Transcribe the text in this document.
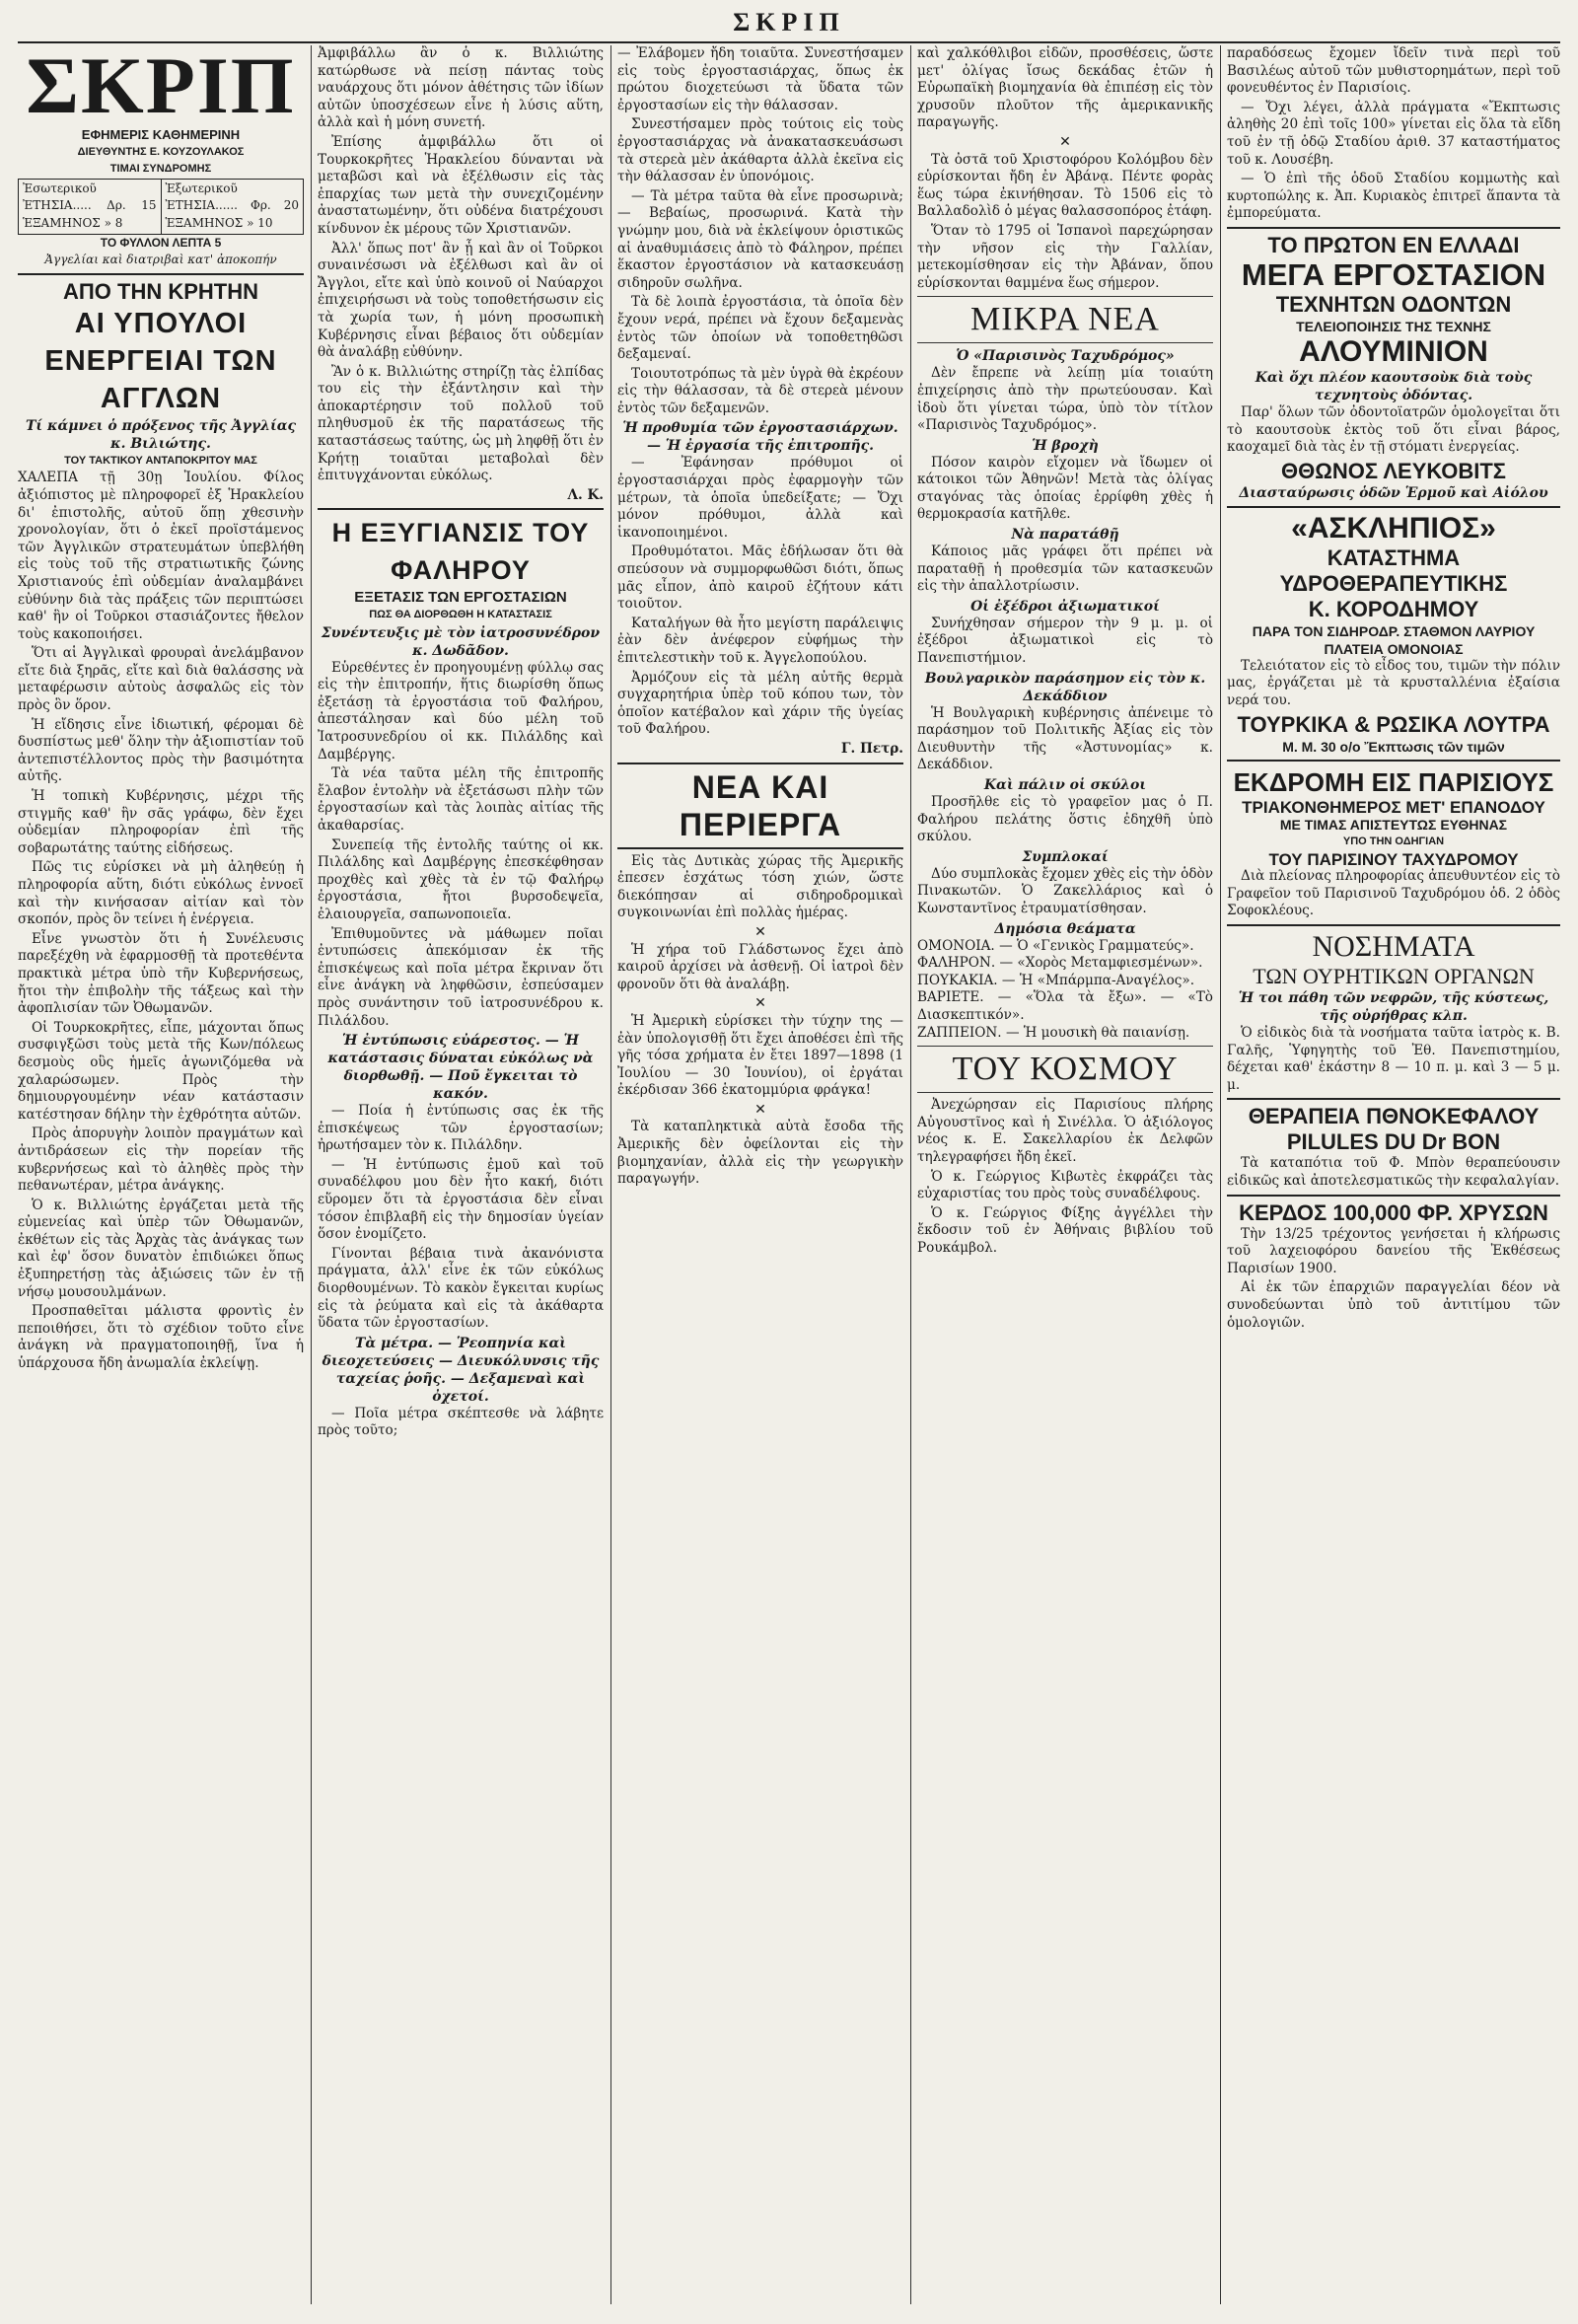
ΣΚΡΙΠ
ΣΚΡΙΠ
ΕΦΗΜΕΡΙΣ ΚΑΘΗΜΕΡΙΝΗ
ΔΙΕΥΘΥΝΤΗΣ Ε. ΚΟΥΖΟΥΛΑΚΟΣ
ΤΙΜΑΙ ΣΥΝΔΡΟΜΗΣ
Ἐσωτερικοῦ ἘΤΗΣΙΑ..... Δρ. 15 ἙΞΑΜΗΝΟΣ » 8
Ἐξωτερικοῦ ἘΤΗΣΙΑ...... Φρ. 20 ἙΞΑΜΗΝΟΣ » 10
ΤΟ ΦΥΛΛΟΝ ΛΕΠΤΑ 5
Ἀγγελίαι καὶ διατριβαὶ κατ' ἀποκοπήν
ΑΠΟ ΤΗΝ ΚΡΗΤΗΝ
ΑΙ ΥΠΟΥΛΟΙ ΕΝΕΡΓΕΙΑΙ ΤΩΝ ΑΓΓΛΩΝ
Τί κάμνει ὁ πρόξενος τῆς Ἀγγλίας κ. Βιλιώτης.
ΤΟΥ ΤΑΚΤΙΚΟΥ ΑΝΤΑΠΟΚΡΙΤΟΥ ΜΑΣ

ΧΑΛΕΠΑ τῇ 30ῃ Ἰουλίου. Φίλος ἀξιόπιστος μὲ πληροφορεῖ ἐξ Ἡρακλείου δι' ἐπιστολῆς, αὐτοῦ ὅπῃ χθεσινὴν χρονολογίαν, ὅτι ὁ ἐκεῖ προϊστάμενος τῶν Ἀγγλικῶν στρατευμάτων ὑπεβλήθη εἰς τοὺς τοῦ τῆς στρατιωτικῆς ζώνης Χριστιανούς ἐπὶ οὐδεμίαν ἀναλαμβάνει εὐθύνην διὰ τὰς πράξεις τῶν περιπτώσει καθ' ἣν οἱ Τοῦρκοι στασιάζοντες ἤθελον τοὺς κακοποιήσει.

Ὅτι αἱ Ἀγγλικαὶ φρουραὶ ἀνελάμβανον εἴτε διὰ ξηρᾶς, εἴτε καὶ διὰ θαλάσσης νὰ μεταφέρωσιν αὐτοὺς ἀσφαλῶς εἰς τὸν πρὸς ὃν ὅρον.

Ἡ εἴδησις εἶνε ἰδιωτική, φέρομαι δὲ δυσπίστως μεθ' ὅλην τὴν ἀξιοπιστίαν τοῦ ἀντεπιστέλλοντος πρὸς τὴν βασιμότητα αὐτῆς.

Ἡ τοπικὴ Κυβέρνησις, μέχρι τῆς στιγμῆς καθ' ἣν σᾶς γράφω, δὲν ἔχει οὐδεμίαν πληροφορίαν ἐπὶ τῆς σοβαρωτάτης ταύτης εἰδήσεως.

Πῶς τις εὑρίσκει νὰ μὴ ἀληθεύῃ ἡ πληροφορία αὕτη, διότι εὐκόλως ἐννοεῖ καὶ τὴν κινήσασαν αἰτίαν καὶ τὸν σκοπόν, πρὸς ὃν τείνει ἡ ἐνέργεια.

Εἶνε γνωστὸν ὅτι ἡ Συνέλευσις παρεξέχθη νὰ ἐφαρμοσθῇ τὰ προτεθέντα πρακτικὰ μέτρα ὑπὸ τῆν Κυβερνήσεως, ἤτοι τὴν ἐπιβολὴν τῆς τάξεως καὶ τὴν ἀφοπλισίαν τῶν Ὀθωμανῶν.

Οἱ Τουρκοκρῆτες, εἶπε, μάχονται ὅπως συσφιγξῶσι τοὺς μετὰ τῆς Κων/πόλεως δεσμοὺς οὓς ἡμεῖς ἀγωνιζόμεθα νὰ χαλαρώσωμεν. Πρὸς τὴν δημιουργουμένην νέαν κατάστασιν κατέστησαν δήλην τὴν ἐχθρότητα αὐτῶν.

Πρὸς ἀπορυγὴν λοιπὸν πραγμάτων καὶ ἀντιδράσεων εἰς τὴν πορείαν τῆς κυβερνήσεως καὶ τὸ ἀληθὲς πρὸς τὴν πεθανωτέραν, μέτρα ἀνάγκης.

Ὁ κ. Βιλλιώτης ἐργάζεται μετὰ τῆς εὐμενείας καὶ ὑπὲρ τῶν Ὀθωμανῶν, ἐκθέτων εἰς τὰς Ἀρχὰς τὰς ἀνάγκας των καὶ ἐφ' ὅσον δυνατὸν ἐπιδιώκει ὅπως ἐξυπηρετήσῃ τὰς ἀξιώσεις τῶν ἐν τῇ νήσῳ μουσουλμάνων.

Προσπαθεῖται μάλιστα φροντὶς ἐν πεποιθήσει, ὅτι τὸ σχέδιον τοῦτο εἶνε ἀνάγκη νὰ πραγματοποιηθῇ, ἵνα ἡ ὑπάρχουσα ἤδη ἀνωμαλία ἐκλείψῃ.

Ἀμφιβάλλω ἂν ὁ κ. Βιλλιώτης κατώρθωσε νὰ πείσῃ πάντας τοὺς ναυάρχους ὅτι μόνον ἀθέτησις τῶν ἰδίων αὐτῶν ὑποσχέσεων εἶνε ἡ λύσις αὕτη, ἀλλὰ καὶ ἡ μόνη συνετή.

Ἐπίσης ἀμφιβάλλω ὅτι οἱ Τουρκοκρῆτες Ἡρακλείου δύνανται νὰ μεταβῶσι καὶ νὰ ἐξέλθωσιν εἰς τὰς ἐπαρχίας των μετὰ τὴν συνεχιζομένην ἀναστατωμένην, ὅτι οὐδένα διατρέχουσι κίνδυνον ἐκ μέρους τῶν Χριστιανῶν.

Ἀλλ' ὅπως ποτ' ἂν ᾖ καὶ ἂν οἱ Τοῦρκοι συναινέσωσι νὰ ἐξέλθωσι καὶ ἂν οἱ Ἄγγλοι, εἴτε καὶ ὑπὸ κοινοῦ οἱ Ναύαρχοι ἐπιχειρήσωσι νὰ τοὺς τοποθετήσωσιν εἰς τὰ χωρία των, ἡ μόνη προσωπικὴ Κυβέρνησις εἶναι βέβαιος ὅτι οὐδεμίαν θὰ ἀναλάβῃ εὐθύνην.

Ἂν ὁ κ. Βιλλιώτης στηρίζῃ τὰς ἐλπίδας του εἰς τὴν ἐξάντλησιν καὶ τὴν ἀποκαρτέρησιν τοῦ πολλοῦ τοῦ πληθυσμοῦ ἐκ τῆς παρατάσεως τῆς καταστάσεως ταύτης, ὡς μὴ ληφθῇ ὅτι ἐν Κρήτῃ τοιαῦται μεταβολαὶ δὲν ἐπιτυγχάνονται εὐκόλως.

Λ. Κ.
Η ΕΞΥΓΙΑΝΣΙΣ ΤΟΥ ΦΑΛΗΡΟΥ
ΕΞΕΤΑΣΙΣ ΤΩΝ ΕΡΓΟΣΤΑΣΙΩΝ
ΠΩΣ ΘΑ ΔΙΟΡΘΩΘΗ Η ΚΑΤΑΣΤΑΣΙΣ
Συνέντευξις μὲ τὸν ἰατροσυνέδρον κ. Δωδᾶδον.

Εὑρεθέντες ἐν προηγουμένῃ φύλλῳ σας εἰς τὴν ἐπιτροπήν, ἥτις διωρίσθη ὅπως ἐξετάσῃ τὰ ἐργοστάσια τοῦ Φαλήρου, ἀπεστάλησαν καὶ δύο μέλη τοῦ Ἰατροσυνεδρίου οἱ κκ. Πιλάλδης καὶ Δαμβέργης.

Τὰ νέα ταῦτα μέλη τῆς ἐπιτροπῆς ἔλαβον ἐντολὴν νὰ ἐξετάσωσι πλὴν τῶν ἐργοστασίων καὶ τὰς λοιπὰς αἰτίας τῆς ἀκαθαρσίας.

Συνεπείᾳ τῆς ἐντολῆς ταύτης οἱ κκ. Πιλάλδης καὶ Δαμβέργης ἐπεσκέφθησαν προχθὲς καὶ χθὲς τὰ ἐν τῷ Φαλήρῳ ἐργοστάσια, ἤτοι βυρσοδεψεῖα, ἐλαιουργεῖα, σαπωνοποιεῖα.

Ἐπιθυμοῦντες νὰ μάθωμεν ποῖαι ἐντυπώσεις ἀπεκόμισαν ἐκ τῆς ἐπισκέψεως καὶ ποῖα μέτρα ἔκριναν ὅτι εἶνε ἀνάγκη νὰ ληφθῶσιν, ἐσπεύσαμεν πρὸς συνάντησιν τοῦ ἰατροσυνέδρου κ. Πιλάλδου.

Ἡ ἐντύπωσις εὐάρεστος. — Ἡ κατάστασις δύναται εὐκόλως νὰ διορθωθῇ. — Ποῦ ἔγκειται τὸ κακόν.

— Ποία ἡ ἐντύπωσις σας ἐκ τῆς ἐπισκέψεως τῶν ἐργοστασίων; ἠρωτήσαμεν τὸν κ. Πιλάλδην.

— Ἡ ἐντύπωσις ἐμοῦ καὶ τοῦ συναδέλφου μου δὲν ἦτο κακή, διότι εὕρομεν ὅτι τὰ ἐργοστάσια δὲν εἶναι τόσον ἐπιβλαβῆ εἰς τὴν δημοσίαν ὑγείαν ὅσον ἐνομίζετο.

Γίνονται βέβαια τινὰ ἀκανόνιστα πράγματα, ἀλλ' εἶνε ἐκ τῶν εὐκόλως διορθουμένων. Τὸ κακὸν ἔγκειται κυρίως εἰς τὰ ῥεύματα καὶ εἰς τὰ ἀκάθαρτα ὕδατα τῶν ἐργοστασίων.

Τὰ μέτρα. — Ῥεοπηνία καὶ διεοχετεύσεις — Διευκόλυνσις τῆς ταχείας ῥοῆς. — Δεξαμεναὶ καὶ ὀχετοί.

— Ποῖα μέτρα σκέπτεσθε νὰ λάβητε πρὸς τοῦτο;

— Ἐλάβομεν ἤδη τοιαῦτα. Συνεστήσαμεν εἰς τοὺς ἐργοστασιάρχας, ὅπως ἐκ πρώτου διοχετεύωσι τὰ ὕδατα τῶν ἐργοστασίων εἰς τὴν θάλασσαν.

Συνεστήσαμεν πρὸς τούτοις εἰς τοὺς ἐργοστασιάρχας νὰ ἀνακατασκευάσωσι τὰ στερεὰ μὲν ἀκάθαρτα ἀλλὰ ἐκεῖνα εἰς τὴν θάλασσαν ἐν ὑπονόμοις.

— Τὰ μέτρα ταῦτα θὰ εἶνε προσωρινὰ; — Βεβαίως, προσωρινά. Κατὰ τὴν γνώμην μου, διὰ νὰ ἐκλείψουν ὁριστικῶς αἱ ἀναθυμιάσεις ἀπὸ τὸ Φάληρον, πρέπει ἕκαστον ἐργοστάσιον νὰ κατασκευάσῃ σιδηροῦν σωλῆνα.

Τὰ δὲ λοιπὰ ἐργοστάσια, τὰ ὁποῖα δὲν ἔχουν νερά, πρέπει νὰ ἔχουν δεξαμενὰς ἐντὸς τῶν ὁποίων νὰ τοποθετηθῶσι δεξαμεναί.

Τοιουτοτρόπως τὰ μὲν ὑγρὰ θὰ ἐκρέουν εἰς τὴν θάλασσαν, τὰ δὲ στερεὰ μένουν ἐντὸς τῶν δεξαμενῶν.

Ἡ προθυμία τῶν ἐργοστασιάρχων. — Ἡ ἐργασία τῆς ἐπιτροπῆς.

— Ἐφάνησαν πρόθυμοι οἱ ἐργοστασιάρχαι πρὸς ἐφαρμογὴν τῶν μέτρων, τὰ ὁποῖα ὑπεδείξατε; — Ὄχι μόνον πρόθυμοι, ἀλλὰ καὶ ἱκανοποιημένοι.

Προθυμότατοι. Μᾶς ἐδήλωσαν ὅτι θὰ σπεύσουν νὰ συμμορφωθῶσι διότι, ὅπως μᾶς εἶπον, ἀπὸ καιροῦ ἐζήτουν κάτι τοιοῦτον.

Καταλήγων θὰ ἦτο μεγίστη παράλειψις ἐὰν δὲν ἀνέφερον εὐφήμως τὴν ἐπιτελεστικὴν τοῦ κ. Ἀγγελοπούλου.

Ἀρμόζουν εἰς τὰ μέλη αὐτῆς θερμὰ συγχαρητήρια ὑπὲρ τοῦ κόπου των, τὸν ὁποῖον κατέβαλον καὶ χάριν τῆς ὑγείας τοῦ Φαλήρου.

Γ. Πετρ.
ΝΕΑ ΚΑΙ ΠΕΡΙΕΡΓΑ

Εἰς τὰς Δυτικὰς χώρας τῆς Ἀμερικῆς ἐπεσεν ἐσχάτως τόση χιών, ὥστε διεκόπησαν αἱ σιδηροδρομικαὶ συγκοινωνίαι ἐπὶ πολλὰς ἡμέρας.

✕

Ἡ χήρα τοῦ Γλάδστωνος ἔχει ἀπὸ καιροῦ ἀρχίσει νὰ ἀσθενῇ. Οἱ ἰατροὶ δὲν φρονοῦν ὅτι θὰ ἀναλάβῃ.

✕

Ἡ Ἀμερικὴ εὑρίσκει τὴν τύχην της — ἐὰν ὑπολογισθῇ ὅτι ἔχει ἀποθέσει ἐπὶ τῆς γῆς τόσα χρήματα ἐν ἔτει 1897—1898 (1 Ἰουλίου — 30 Ἰουνίου), οἱ ἐργάται ἐκέρδισαν 366 ἑκατομμύρια φράγκα!

✕

Τὰ καταπληκτικὰ αὐτὰ ἔσοδα τῆς Ἀμερικῆς δὲν ὀφείλονται εἰς τὴν βιομηχανίαν, ἀλλὰ εἰς τὴν γεωργικὴν παραγωγήν.

καὶ χαλκόθλιβοι εἰδῶν, προσθέσεις, ὥστε μετ' ὀλίγας ἴσως δεκάδας ἐτῶν ἡ Εὐρωπαϊκὴ βιομηχανία θὰ ἐπιπέσῃ εἰς τὸν χρυσοῦν πλοῦτον τῆς ἀμερικανικῆς παραγωγῆς.

✕

Τὰ ὀστᾶ τοῦ Χριστοφόρου Κολόμβου δὲν εὑρίσκονται ἤδη ἐν Ἀβάνᾳ. Πέντε φορὰς ἕως τώρα ἐκινήθησαν. Τὸ 1506 εἰς τὸ Βαλλαδολὶδ ὁ μέγας θαλασσοπόρος ἐτάφη.

Ὅταν τὸ 1795 οἱ Ἱσπανοὶ παρεχώρησαν τὴν νῆσον εἰς τὴν Γαλλίαν, μετεκομίσθησαν εἰς τὴν Ἀβάναν, ὅπου εὑρίσκονται θαμμένα ἕως σήμερον.

ΜΙΚΡΑ ΝΕΑ
Ὁ «Παρισινὸς Ταχυδρόμος»

Δὲν ἔπρεπε νὰ λείπῃ μία τοιαύτη ἐπιχείρησις ἀπὸ τὴν πρωτεύουσαν. Καὶ ἰδοὺ ὅτι γίνεται τώρα, ὑπὸ τὸν τίτλον «Παρισινὸς Ταχυδρόμος».

Ἡ βροχὴ

Πόσον καιρὸν εἴχομεν νὰ ἴδωμεν οἱ κάτοικοι τῶν Ἀθηνῶν! Μετὰ τὰς ὀλίγας σταγόνας τὰς ὁποίας ἐρρίφθη χθὲς ἡ θερμοκρασία κατῆλθε.

Νὰ παρατάθῇ

Κάποιος μᾶς γράφει ὅτι πρέπει νὰ παραταθῇ ἡ προθεσμία τῶν κατασκευῶν εἰς τὴν ἀπαλλοτρίωσιν.

Οἱ ἐξέδροι ἀξιωματικοί

Συνήχθησαν σήμερον τὴν 9 μ. μ. οἱ ἐξέδροι ἀξιωματικοὶ εἰς τὸ Πανεπιστήμιον.

Βουλγαρικὸν παράσημον εἰς τὸν κ. Δεκάδδιον

Ἡ Βουλγαρικὴ κυβέρνησις ἀπένειμε τὸ παράσημον τοῦ Πολιτικῆς Ἀξίας εἰς τὸν Διευθυντὴν τῆς «Ἀστυνομίας» κ. Δεκάδδιον.

Καὶ πάλιν οἱ σκύλοι

Προσῆλθε εἰς τὸ γραφεῖον μας ὁ Π. Φαλήρου πελάτης ὅστις ἐδηχθῆ ὑπὸ σκύλου.

Συμπλοκαί

Δύο συμπλοκὰς ἔχομεν χθὲς εἰς τὴν ὁδὸν Πινακωτῶν. Ὁ Ζακελλάριος καὶ ὁ Κωνσταντῖνος ἐτραυματίσθησαν.

Δημόσια θεάματα
ΟΜΟΝΟΙΑ. — Ὁ «Γενικὸς Γραμματεύς».
ΦΑΛΗΡΟΝ. — «Χορὸς Μεταμφιεσμένων».
ΠΟΥΚΑΚΙΑ. — Ἡ «Μπάρμπα-Αναγέλος».
ΒΑΡΙΕΤΕ. — «Ὅλα τὰ ἔξω». — «Τὸ Διασκεπτικόν».
ΖΑΠΠΕΙΟΝ. — Ἡ μουσικὴ θὰ παιανίσῃ.
ΤΟΥ ΚΟΣΜΟΥ

Ἀνεχώρησαν εἰς Παρισίους πλήρης Αὐγουστῖνος καὶ ἡ Σινέλλα. Ὁ ἀξιόλογος νέος κ. Ε. Σακελλαρίου ἐκ Δελφῶν τηλεγραφήσει ἤδη ἐκεῖ.

Ὁ κ. Γεώργιος Κιβωτὲς ἐκφράζει τὰς εὐχαριστίας του πρὸς τοὺς συναδέλφους.

Ὁ κ. Γεώργιος Φίξης ἀγγέλλει τὴν ἔκδοσιν τοῦ ἐν Ἀθήναις βιβλίου τοῦ Ρουκάμβολ.

παραδόσεως ἔχομεν ἴδεῖν τινὰ περὶ τοῦ Βασιλέως αὐτοῦ τῶν μυθιστορημάτων, περὶ τοῦ φονευθέντος ἐν Παρισίοις.

— Ὄχι λέγει, ἀλλὰ πράγματα «Ἔκπτωσις ἀληθὴς 20 ἐπὶ τοῖς 100» γίνεται εἰς ὅλα τὰ εἴδη τοῦ ἐν τῇ ὁδῷ Σταδίου ἀριθ. 37 καταστήματος τοῦ κ. Λουσέβη.

— Ὁ ἐπὶ τῆς ὁδοῦ Σταδίου κομμωτὴς καὶ κυρτοπώλης κ. Ἀπ. Κυριακὸς ἐπιτρεῖ ἅπαντα τὰ ἐμπορεύματα.

ΤΟ ΠΡΩΤΟΝ ΕΝ ΕΛΛΑΔΙ
ΜΕΓΑ ΕΡΓΟΣΤΑΣΙΟΝ
ΤΕΧΝΗΤΩΝ ΟΔΟΝΤΩΝ
ΤΕΛΕΙΟΠΟΙΗΣΙΣ ΤΗΣ ΤΕΧΝΗΣ
ΑΛΟΥΜΙΝΙΟΝ
Καὶ ὄχι πλέον καουτσοὺκ διὰ τοὺς τεχνητοὺς ὀδόντας.

Παρ' ὅλων τῶν ὀδοντοϊατρῶν ὁμολογεῖται ὅτι τὸ καουτσοὺκ ἐκτὸς τοῦ ὅτι εἶναι βάρος, καοχαμεῖ διὰ τὰς ἐν τῇ στόματι ἐνεργείας.

ΘΘΩΝΟΣ ΛΕΥΚΟΒΙΤΣ
Διασταύρωσις ὁδῶν Ἑρμοῦ καὶ Αἰόλου
«ΑΣΚΛΗΠΙΟΣ»
ΚΑΤΑΣΤΗΜΑ ΥΔΡΟΘΕΡΑΠΕΥΤΙΚΗΣ
Κ. ΚΟΡΟΔΗΜΟΥ
ΠΑΡΑ ΤΟΝ ΣΙΔΗΡΟΔΡ. ΣΤΑΘΜΟΝ ΛΑΥΡΙΟΥ
ΠΛΑΤΕΙΑ ΟΜΟΝΟΙΑΣ

Τελειότατον εἰς τὸ εἶδος του, τιμῶν τὴν πόλιν μας, ἐργάζεται μὲ τὰ κρυσταλλένια ἐξαίσια νερά του.

ΤΟΥΡΚΙΚΑ & ΡΩΣΙΚΑ ΛΟΥΤΡΑ
Μ. Μ. 30 ο/ο Ἔκπτωσις τῶν τιμῶν
ΕΚΔΡΟΜΗ ΕΙΣ ΠΑΡΙΣΙΟΥΣ
ΤΡΙΑΚΟΝΘΗΜΕΡΟΣ ΜΕΤ' ΕΠΑΝΟΔΟΥ
ΜΕ ΤΙΜΑΣ ΑΠΙΣΤΕΥΤΩΣ ΕΥΘΗΝΑΣ
ΥΠΟ ΤΗΝ ΟΔΗΓΙΑΝ
ΤΟΥ ΠΑΡΙΣΙΝΟΥ ΤΑΧΥΔΡΟΜΟΥ

Διὰ πλείονας πληροφορίας ἀπευθυντέον εἰς τὸ Γραφεῖον τοῦ Παρισινοῦ Ταχυδρόμου ὁδ. 2 ὁδὸς Σοφοκλέους.

ΝΟΣΗΜΑΤΑ
ΤΩΝ ΟΥΡΗΤΙΚΩΝ ΟΡΓΑΝΩΝ
Ἡ τοι πάθη τῶν νεφρῶν, τῆς κύστεως, τῆς οὐρήθρας κλπ.

Ὁ εἰδικὸς διὰ τὰ νοσήματα ταῦτα ἰατρὸς κ. Β. Γαλῆς, Ὑφηγητὴς τοῦ Ἐθ. Πανεπιστημίου, δέχεται καθ' ἑκάστην 8 — 10 π. μ. καὶ 3 — 5 μ. μ.

ΘΕΡΑΠΕΙΑ ΠΘΝΟΚΕΦΑΛΟΥ
PILULES DU Dr BON

Τὰ καταπότια τοῦ Φ. Μπὸν θεραπεύουσιν εἰδικῶς καὶ ἀποτελεσματικῶς τὴν κεφαλαλγίαν.

ΚΕΡΔΟΣ 100,000 ΦΡ. ΧΡΥΣΩΝ

Τὴν 13/25 τρέχοντος γενήσεται ἡ κλήρωσις τοῦ λαχειοφόρου δανείου τῆς Ἐκθέσεως Παρισίων 1900.

Αἱ ἐκ τῶν ἐπαρχιῶν παραγγελίαι δέον νὰ συνοδεύωνται ὑπὸ τοῦ ἀντιτίμου τῶν ὁμολογιῶν.
